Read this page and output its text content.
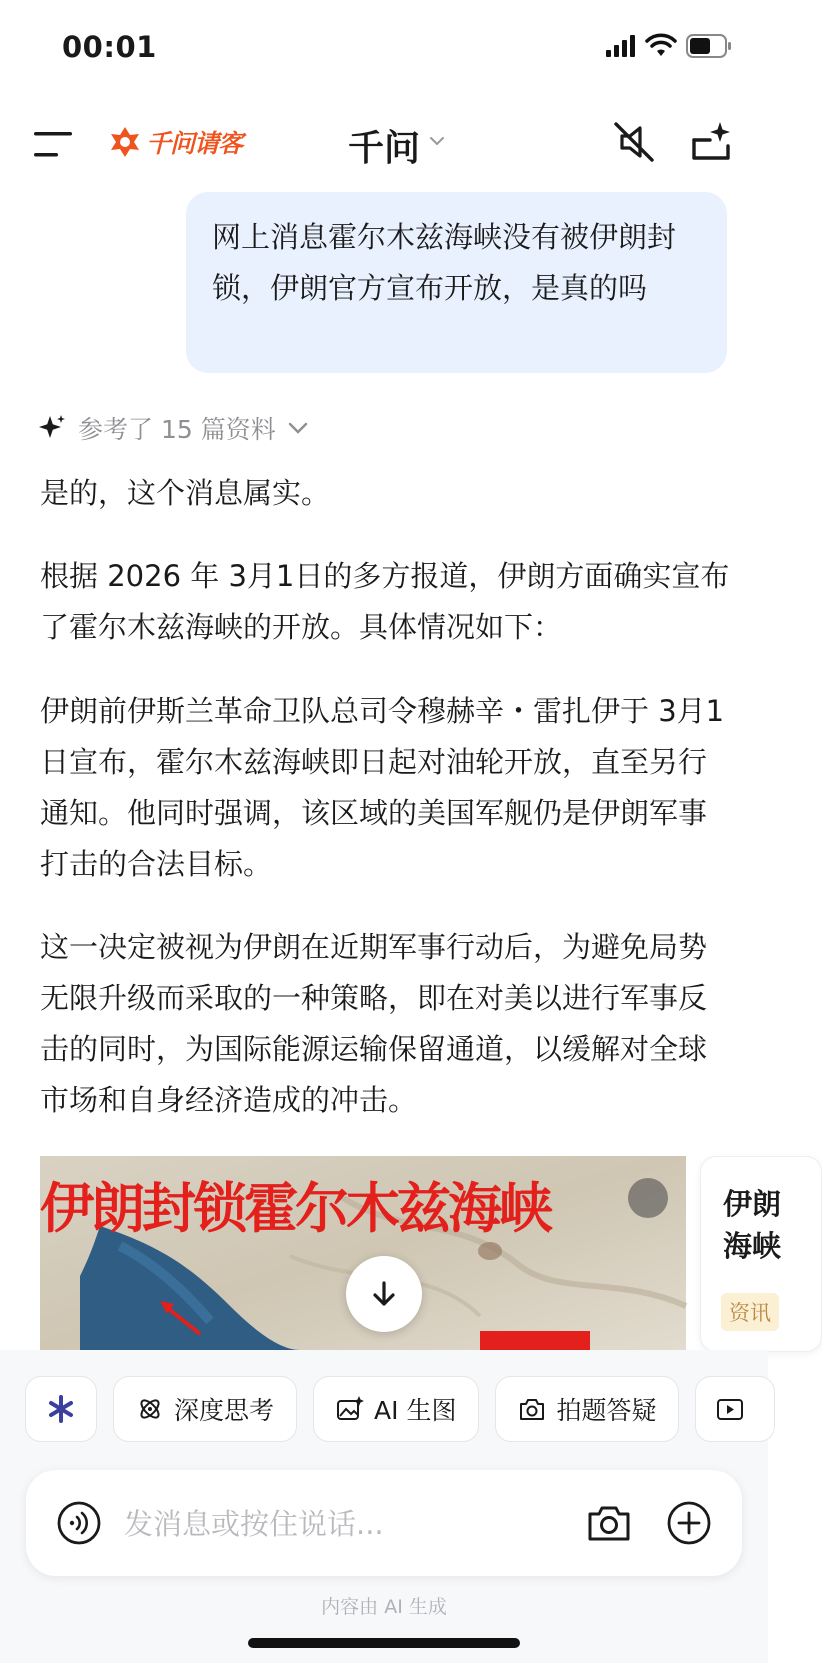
00:01
千问请客	千问
网上消息霍尔木兹海峡没有被伊朗封锁，伊朗官方宣布开放，是真的吗
参考了 15 篇资料
是的，这个消息属实。
根据 2026 年 3月1日的多方报道，伊朗方面确实宣布了霍尔木兹海峡的开放。具体情况如下：
伊朗前伊斯兰革命卫队总司令穆赫辛・雷扎伊于 3月1日宣布，霍尔木兹海峡即日起对油轮开放，直至另行通知。他同时强调，该区域的美国军舰仍是伊朗军事打击的合法目标。
这一决定被视为伊朗在近期军事行动后，为避免局势无限升级而采取的一种策略，即在对美以进行军事反击的同时，为国际能源运输保留通道，以缓解对全球市场和自身经济造成的冲击。
伊朗封锁霍尔木兹海峡	伊朗
海峡
资讯
深度思考	AI 生图	拍题答疑
发消息或按住说话...
内容由 AI 生成
